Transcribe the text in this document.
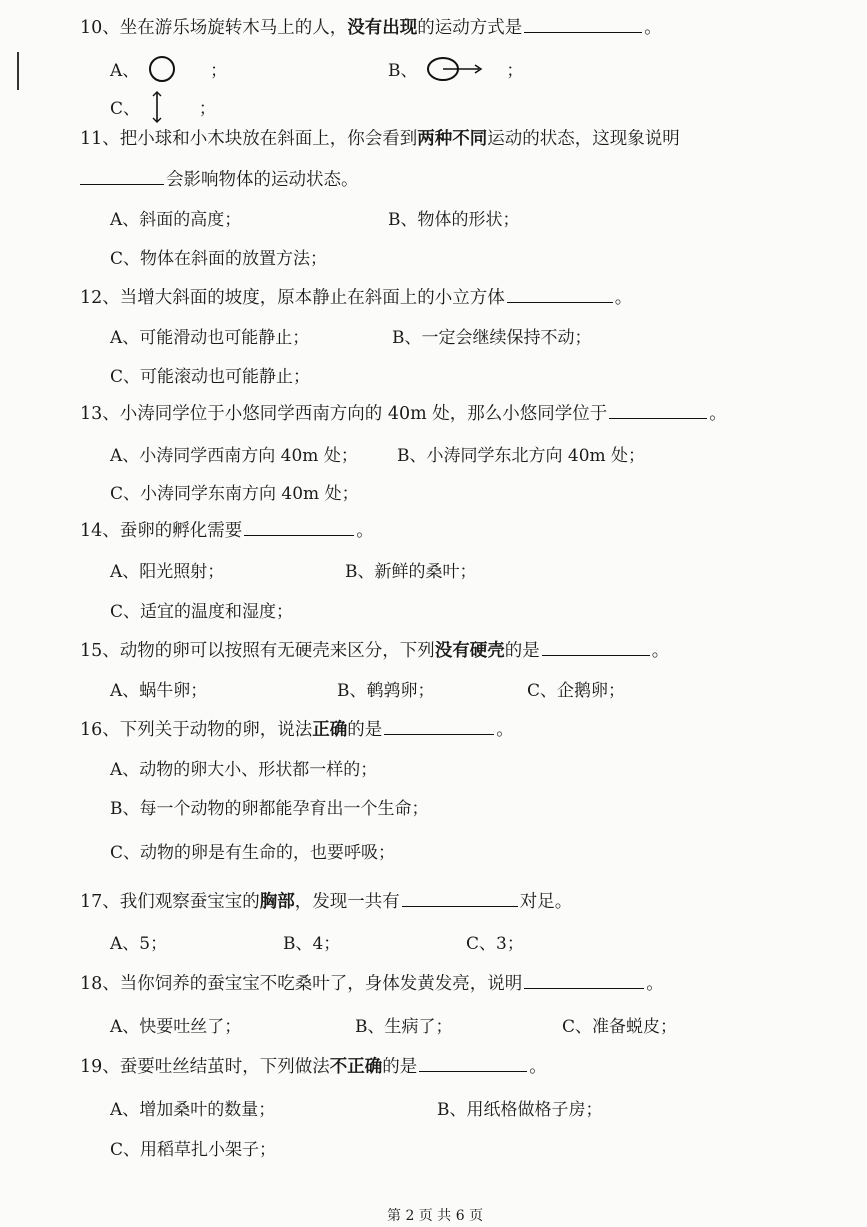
10、坐在游乐场旋转木马上的人，没有出现的运动方式是	。
A、	；	B、	；
C、	；
11、把小球和小木块放在斜面上，你会看到两种不同运动的状态，这现象说明
会影响物体的运动状态。
A、斜面的高度；	B、物体的形状；
C、物体在斜面的放置方法；
12、当增大斜面的坡度，原本静止在斜面上的小立方体	。
A、可能滑动也可能静止；	B、一定会继续保持不动；
C、可能滚动也可能静止；
13、小涛同学位于小悠同学西南方向的 40m 处，那么小悠同学位于	。
A、小涛同学西南方向 40m 处； B、小涛同学东北方向 40m 处；
C、小涛同学东南方向 40m 处；
14、蚕卵的孵化需要	。
A、阳光照射；	B、新鲜的桑叶；
C、适宜的温度和湿度；
15、动物的卵可以按照有无硬壳来区分，下列没有硬壳的是	。
A、蜗牛卵；	B、鹌鹑卵；	C、企鹅卵；
16、下列关于动物的卵，说法正确的是	。
A、动物的卵大小、形状都一样的；
B、每一个动物的卵都能孕育出一个生命；
C、动物的卵是有生命的，也要呼吸；
17、我们观察蚕宝宝的胸部，发现一共有	对足。
A、5；	B、4；	C、3；
18、当你饲养的蚕宝宝不吃桑叶了，身体发黄发亮，说明	。
A、快要吐丝了；	B、生病了；	C、准备蜕皮；
19、蚕要吐丝结茧时，下列做法不正确的是	。
A、增加桑叶的数量；	B、用纸格做格子房；
C、用稻草扎小架子；
第 2 页 共 6 页
